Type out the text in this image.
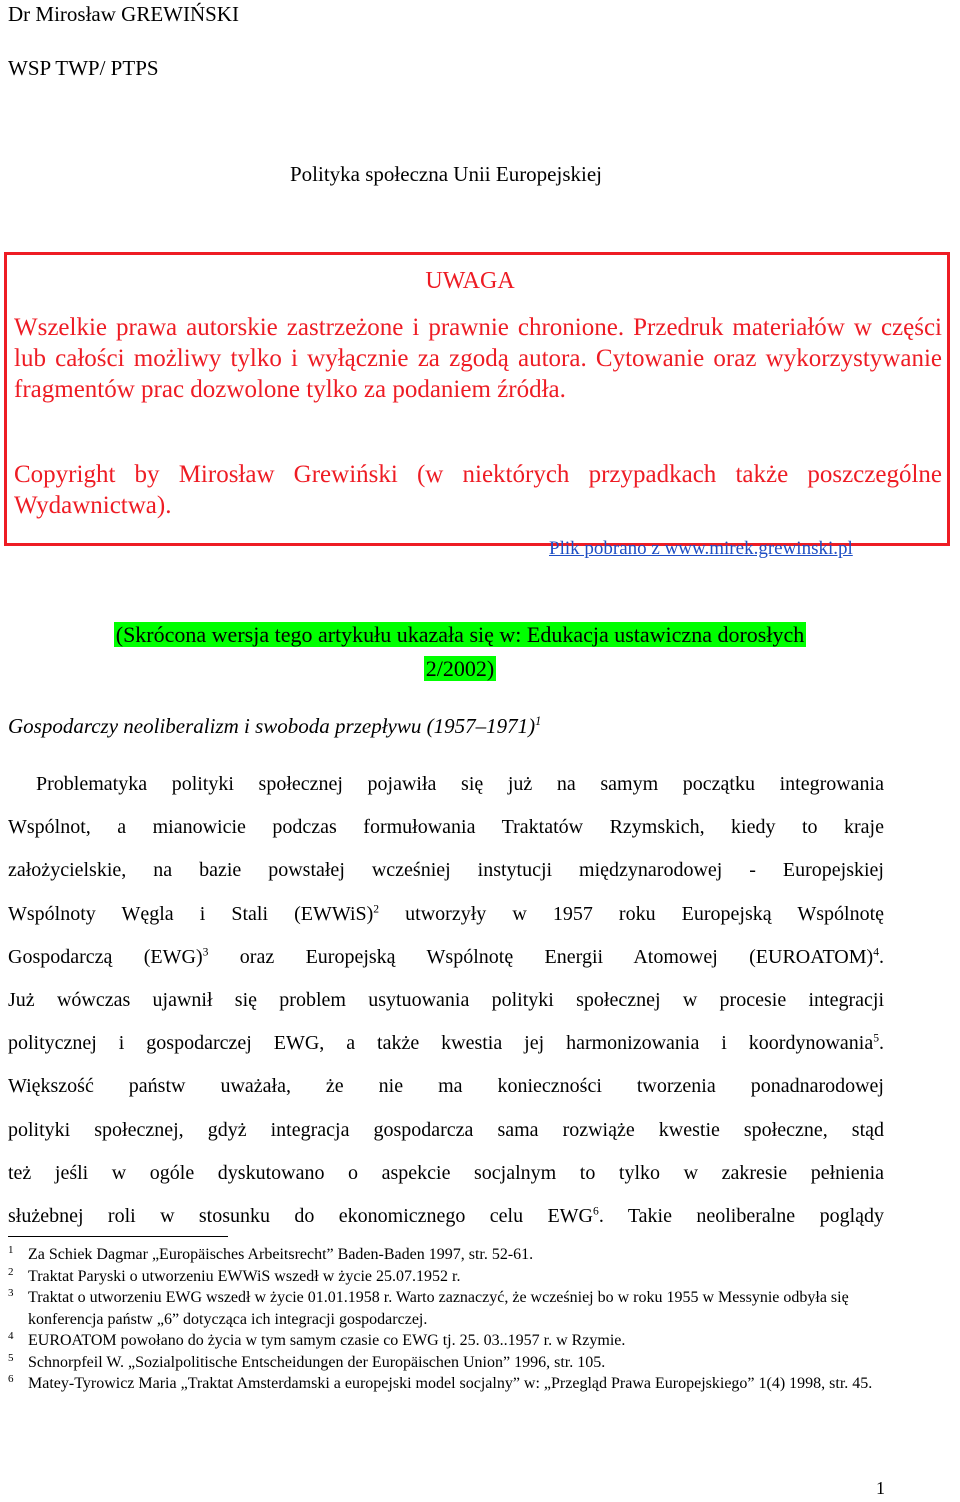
Dr Mirosław GREWIŃSKI
WSP TWP/ PTPS
Polityka społeczna Unii Europejskiej
UWAGA

Wszelkie prawa autorskie zastrzeżone i prawnie chronione. Przedruk materiałów w części lub całości możliwy tylko i wyłącznie za zgodą autora. Cytowanie oraz wykorzystywanie fragmentów prac dozwolone tylko za podaniem źródła.

Copyright by Mirosław Grewiński (w niektórych przypadkach także poszczególne Wydawnictwa).

Plik pobrano z www.mirek.grewinski.pl
(Skrócona wersja tego artykułu ukazała się w: Edukacja ustawiczna dorosłych
2/2002)
Gospodarczy neoliberalizm i swoboda przepływu (1957–1971)$^1$
Problematyka polityki społecznej pojawiła się już na samym początku integrowania
Wspólnot, a mianowicie podczas formułowania Traktatów Rzymskich, kiedy to kraje
założycielskie, na bazie powstałej wcześniej instytucji międzynarodowej - Europejskiej
Wspólnoty Węgla i Stali (EWWiS)$^2$ utworzyły w 1957 roku Europejską Wspólnotę
Gospodarczą (EWG)$^3$ oraz Europejską Wspólnotę Energii Atomowej (EUROATOM)$^4$.
Już wówczas ujawnił się problem usytuowania polityki społecznej w procesie integracji
politycznej i gospodarczej EWG, a także kwestia jej harmonizowania i koordynowania$^5$.
Większość państw uważała, że nie ma konieczności tworzenia ponadnarodowej
polityki społecznej, gdyż integracja gospodarcza sama rozwiąże kwestie społeczne, stąd
też jeśli w ogóle dyskutowano o aspekcie socjalnym to tylko w zakresie pełnienia
służebnej roli w stosunku do ekonomicznego celu EWG$^6$. Takie neoliberalne poglądy
1 Za Schiek Dagmar „Europäisches Arbeitsrecht” Baden-Baden 1997, str. 52-61.
2 Traktat Paryski o utworzeniu EWWiS wszedł w życie 25.07.1952 r.
3 Traktat o utworzeniu EWG wszedł w życie 01.01.1958 r. Warto zaznaczyć, że wcześniej bo w roku 1955 w Messynie odbyła się konferencja państw „6” dotycząca ich integracji gospodarczej.
4 EUROATOM powołano do życia w tym samym czasie co EWG tj. 25. 03..1957 r. w Rzymie.
5 Schnorpfeil W. „Sozialpolitische Entscheidungen der Europäischen Union” 1996, str. 105.
6 Matey-Tyrowicz Maria „Traktat Amsterdamski a europejski model socjalny” w: „Przegląd Prawa Europejskiego” 1(4) 1998, str. 45.
1
